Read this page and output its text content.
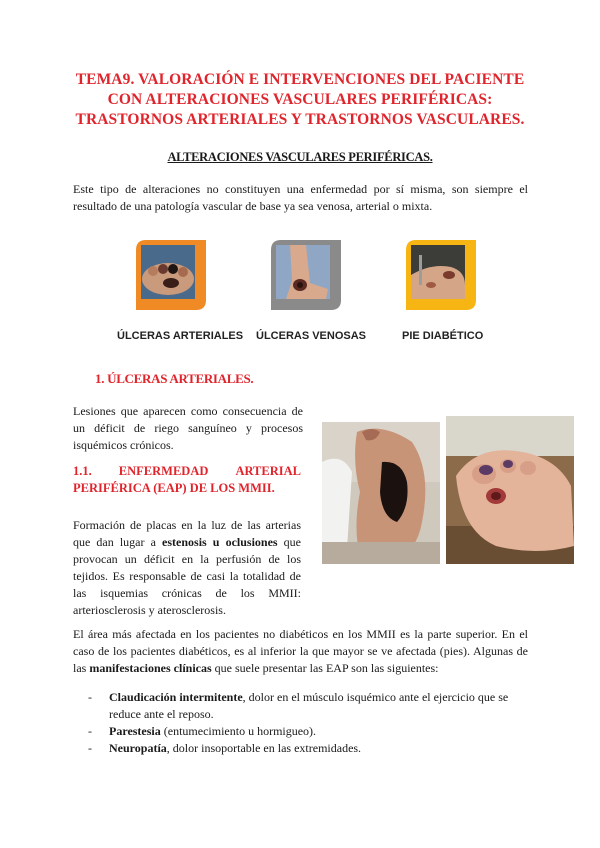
TEMA9. VALORACIÓN E INTERVENCIONES DEL PACIENTE
CON ALTERACIONES VASCULARES PERIFÉRICAS:
TRASTORNOS ARTERIALES Y TRASTORNOS VASCULARES.
ALTERACIONES VASCULARES PERIFÉRICAS.
Este tipo de alteraciones no constituyen una enfermedad por sí misma, son siempre el resultado de una patología vascular de base ya sea venosa, arterial o mixta.
ÚLCERAS ARTERIALES ÚLCERAS VENOSAS	PIE DIABÉTICO
1. ÚLCERAS ARTERIALES.
Lesiones que aparecen como consecuencia de un déficit de riego sanguíneo y procesos isquémicos crónicos.
1.1. ENFERMEDAD ARTERIAL
PERIFÉRICA (EAP) DE LOS MMII.
Formación de placas en la luz de las arterias que dan lugar a estenosis u oclusiones que provocan un déficit en la perfusión de los tejidos. Es responsable de casi la totalidad de las isquemias crónicas de los MMII: arteriosclerosis y aterosclerosis.
El área más afectada en los pacientes no diabéticos en los MMII es la parte superior. En el caso de los pacientes diabéticos, es al inferior la que mayor se ve afectada (pies). Algunas de las manifestaciones clínicas que suele presentar las EAP son las siguientes:
- Claudicación intermitente, dolor en el músculo isquémico ante el ejercicio que se reduce ante el reposo.
- Parestesia (entumecimiento u hormigueo).
- Neuropatía, dolor insoportable en las extremidades.
